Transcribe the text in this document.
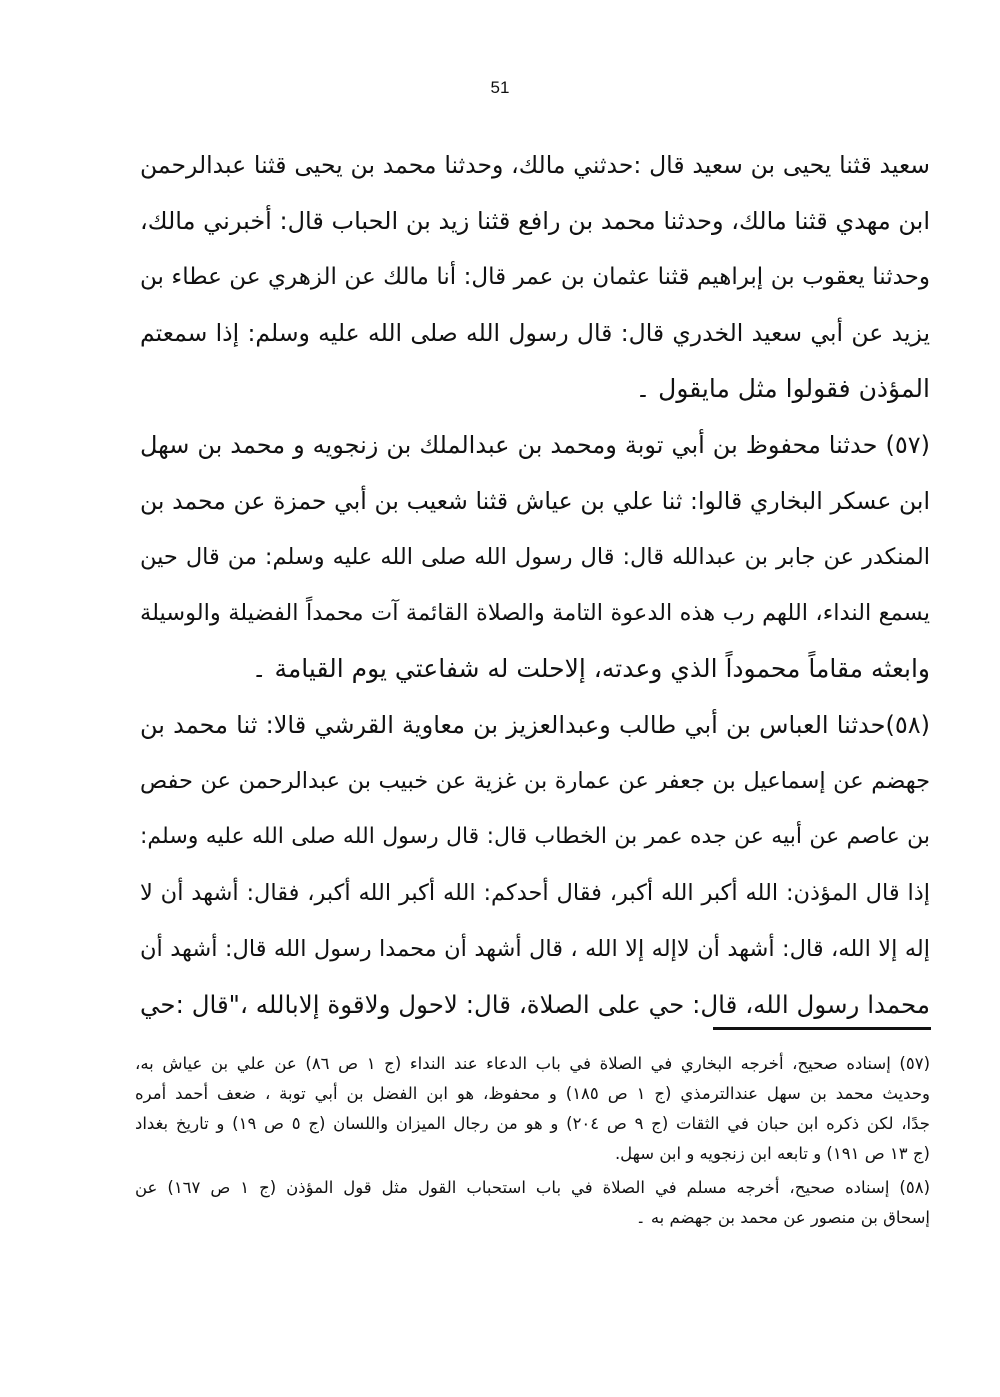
51
سعيد قثنا يحيى بن سعيد قال :حدثني مالك، وحدثنا محمد بن يحيى قثنا عبدالرحمن
ابن مهدي قثنا مالك، وحدثنا محمد بن رافع قثنا زيد بن الحباب قال: أخبرني مالك،
وحدثنا يعقوب بن إبراهيم قثنا عثمان بن عمر قال: أنا مالك عن الزهري عن عطاء بن
يزيد عن أبي سعيد الخدري قال: قال رسول الله صلى الله عليه وسلم: إذا سمعتم
المؤذن فقولوا مثل مايقول ۔
(٥٧) حدثنا محفوظ بن أبي توبة ومحمد بن عبدالملك بن زنجويه و محمد بن سهل
ابن عسكر البخاري قالوا: ثنا علي بن عياش قثنا شعيب بن أبي حمزة عن محمد بن
المنكدر عن جابر بن عبدالله قال: قال رسول الله صلى الله عليه وسلم: من قال حين
يسمع النداء، اللهم رب هذه الدعوة التامة والصلاة القائمة آت محمداً الفضيلة والوسيلة
وابعثه مقاماً محموداً الذي وعدته، إلاحلت له شفاعتي يوم القيامة ۔
(٥٨)حدثنا العباس بن أبي طالب وعبدالعزيز بن معاوية القرشي قالا: ثنا محمد بن
جهضم عن إسماعيل بن جعفر عن عمارة بن غزية عن خبيب بن عبدالرحمن عن حفص
بن عاصم عن أبيه عن جده عمر بن الخطاب قال: قال رسول الله صلى الله عليه وسلم:
إذا قال المؤذن: الله أكبر الله أكبر، فقال أحدكم: الله أكبر الله أكبر، فقال: أشهد أن لا
إله إلا الله، قال: أشهد أن لاإله إلا الله ، قال أشهد أن محمدا رسول الله قال: أشهد أن
محمدا رسول الله، قال: حي على الصلاة، قال: لاحول ولاقوة إلابالله ،"قال :حي
(٥٧) إسناده صحيح، أخرجه البخاري في الصلاة في باب الدعاء عند النداء (ج ١ ص ٨٦) عن علي بن عياش به،
وحديث محمد بن سهل عندالترمذي (ج ١ ص ١٨٥) و محفوظ، هو ابن الفضل بن أبي توبة ، ضعف أحمد أمره
جدًا، لكن ذكره ابن حبان في الثقات (ج ٩ ص ٢٠٤) و هو من رجال الميزان واللسان (ج ٥ ص ١٩) و تاريخ بغداد
(ج ١٣ ص ١٩١) و تابعه ابن زنجويه و ابن سهل.
(٥٨) إسناده صحيح، أخرجه مسلم في الصلاة في باب استحباب القول مثل قول المؤذن (ج ١ ص ١٦٧) عن
إسحاق بن منصور عن محمد بن جهضم به ۔
